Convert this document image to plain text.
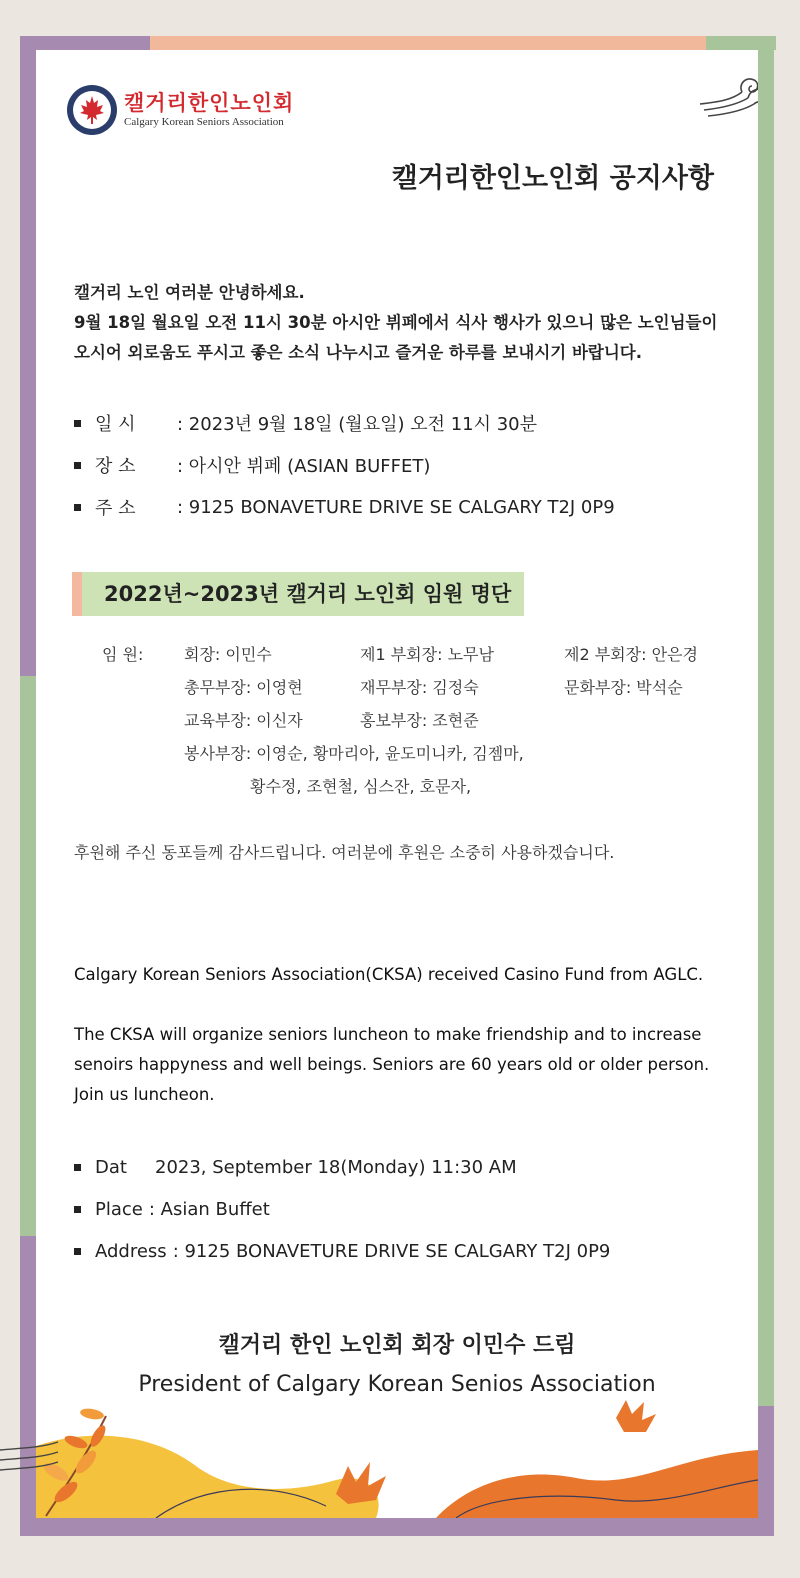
캘거리한인노인회
Calgary Korean Seniors Association
캘거리한인노인회 공지사항
캘거리 노인 여러분 안녕하세요.
9월 18일 월요일 오전 11시 30분 아시안 뷔페에서 식사 행사가 있으니 많은 노인님들이
오시어 외로움도 푸시고 좋은 소식 나누시고 즐거운 하루를 보내시기 바랍니다.
일 시	: 2023년 9월 18일 (월요일) 오전 11시 30분
장 소	: 아시안 뷔페 (ASIAN BUFFET)
주 소	: 9125 BONAVETURE DRIVE SE CALGARY T2J 0P9
2022년~2023년 캘거리 노인회 임원 명단
임 원:	회장: 이민수	제1 부회장: 노무남	제2 부회장: 안은경
총무부장: 이영현	재무부장: 김정숙	문화부장: 박석순
교육부장: 이신자	홍보부장: 조현준
봉사부장: 이영순, 황마리아, 윤도미니카, 김젬마,
황수정, 조현철, 심스잔, 호문자,
후원해 주신 동포들께 감사드립니다. 여러분에 후원은 소중히 사용하겠습니다.
Calgary Korean Seniors Association(CKSA) received Casino Fund from AGLC.
The CKSA will organize seniors luncheon to make friendship and to increase
senoirs happyness and well beings. Seniors are 60 years old or older person.
Join us luncheon.
Dat	2023, September 18(Monday) 11:30 AM
Place : Asian Buffet
Address : 9125 BONAVETURE DRIVE SE CALGARY T2J 0P9
캘거리 한인 노인회 회장 이민수 드림
President of Calgary Korean Senios Association
